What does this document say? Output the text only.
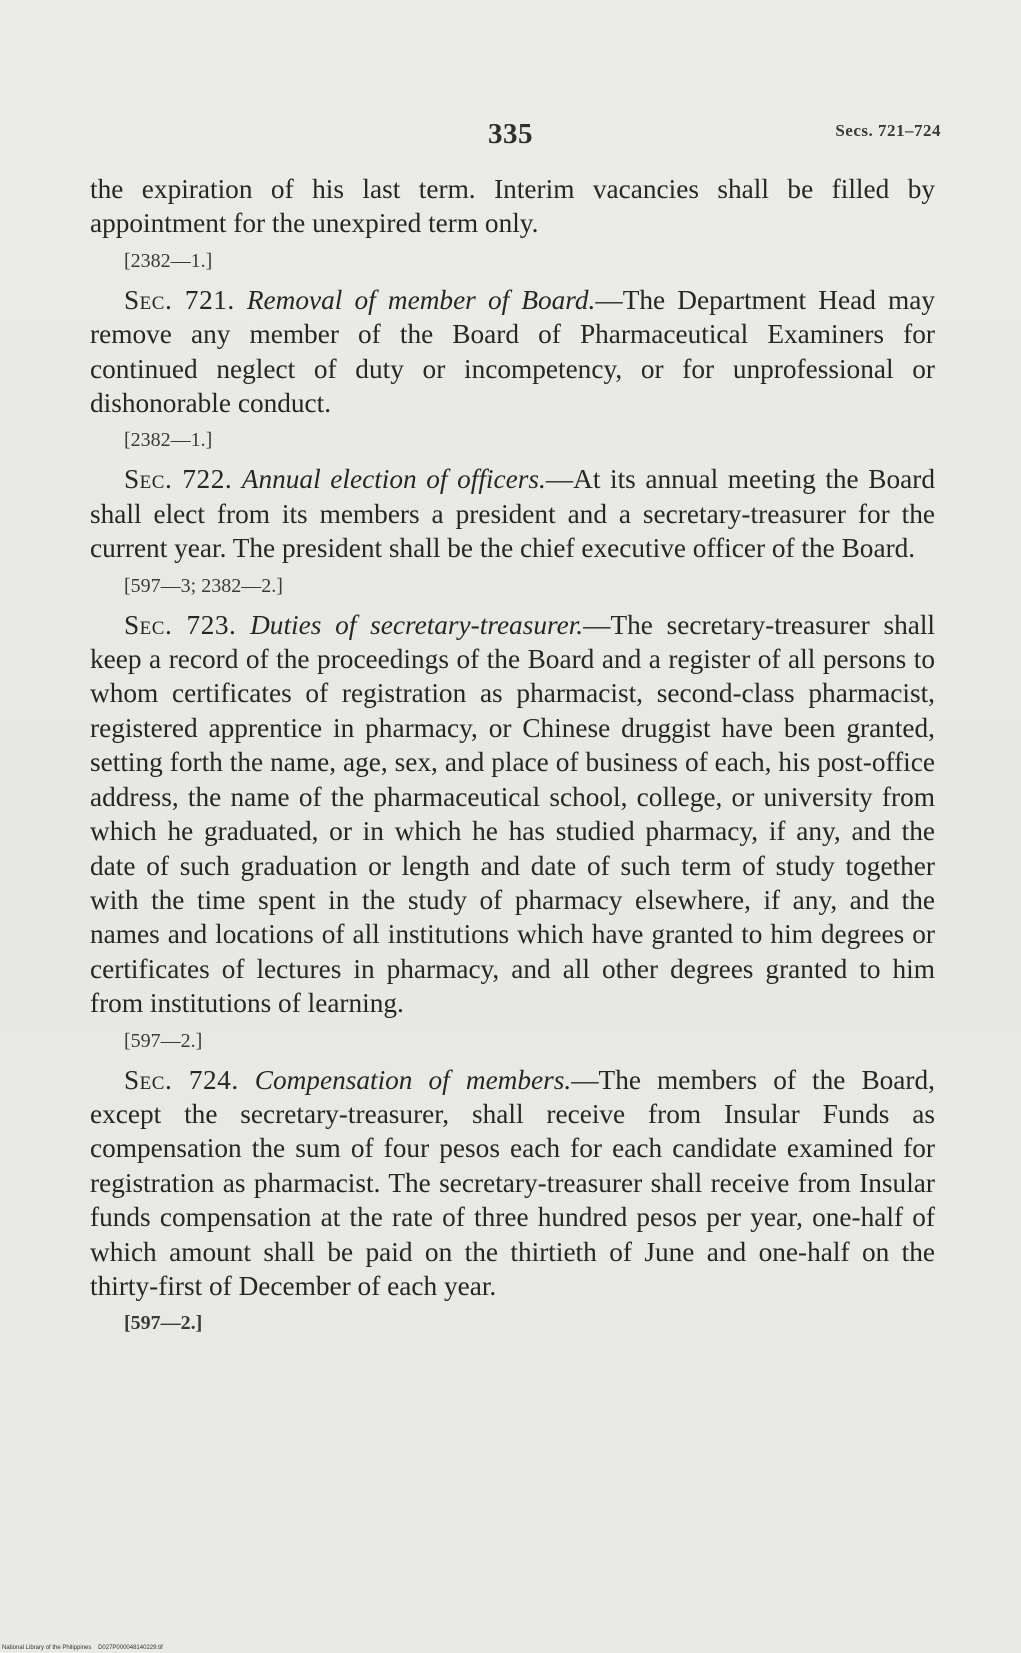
335	Secs. 721–724

the expiration of his last term. Interim vacancies shall be filled by appointment for the unexpired term only.

[2382—1.]

Sec. 721. Removal of member of Board.—The Department Head may remove any member of the Board of Pharmaceutical Examiners for continued neglect of duty or incompetency, or for unprofessional or dishonorable conduct.

[2382—1.]

Sec. 722. Annual election of officers.—At its annual meeting the Board shall elect from its members a president and a secretary-treasurer for the current year. The president shall be the chief executive officer of the Board.

[597—3; 2382—2.]

Sec. 723. Duties of secretary-treasurer.—The secretary-treasurer shall keep a record of the proceedings of the Board and a register of all persons to whom certificates of registration as pharmacist, second-class pharmacist, registered apprentice in pharmacy, or Chinese druggist have been granted, setting forth the name, age, sex, and place of business of each, his post-office address, the name of the pharmaceutical school, college, or university from which he graduated, or in which he has studied pharmacy, if any, and the date of such graduation or length and date of such term of study together with the time spent in the study of pharmacy elsewhere, if any, and the names and locations of all institutions which have granted to him degrees or certificates of lectures in pharmacy, and all other degrees granted to him from institutions of learning.

[597—2.]

Sec. 724. Compensation of members.—The members of the Board, except the secretary-treasurer, shall receive from Insular Funds as compensation the sum of four pesos each for each candidate examined for registration as pharmacist. The secretary-treasurer shall receive from Insular funds compensation at the rate of three hundred pesos per year, one-half of which amount shall be paid on the thirtieth of June and one-half on the thirty-first of December of each year.

[597—2.]

National Library of the Philippines D027P000048140229.tif
